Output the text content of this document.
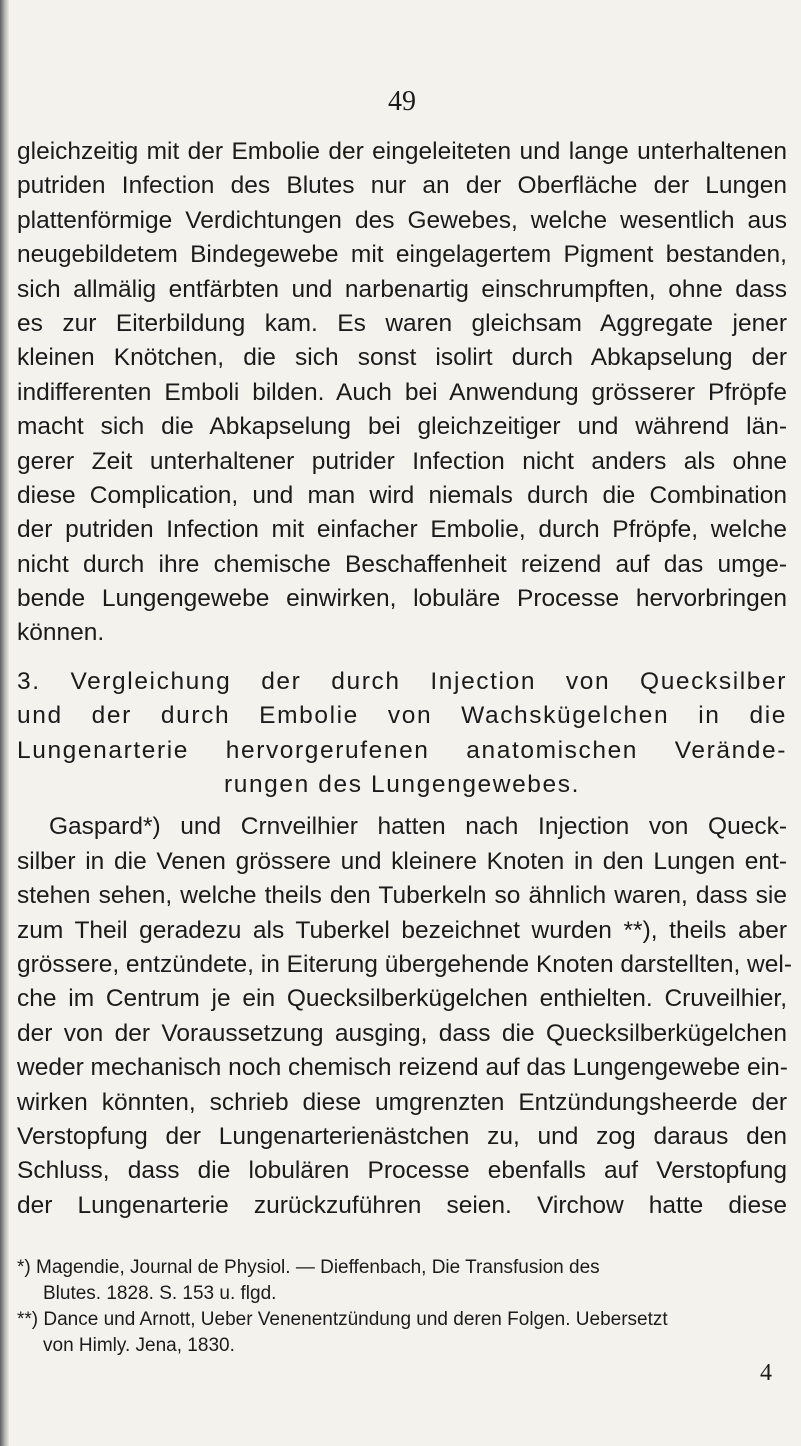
49
gleichzeitig mit der Embolie der eingeleiteten und lange unterhaltenen
putriden Infection des Blutes nur an der Oberfläche der Lungen
plattenförmige Verdichtungen des Gewebes, welche wesentlich aus
neugebildetem Bindegewebe mit eingelagertem Pigment bestanden,
sich allmälig entfärbten und narbenartig einschrumpften, ohne dass
es zur Eiterbildung kam. Es waren gleichsam Aggregate jener
kleinen Knötchen, die sich sonst isolirt durch Abkapselung der
indifferenten Emboli bilden. Auch bei Anwendung grösserer Pfröpfe
macht sich die Abkapselung bei gleichzeitiger und während län-
gerer Zeit unterhaltener putrider Infection nicht anders als ohne
diese Complication, und man wird niemals durch die Combination
der putriden Infection mit einfacher Embolie, durch Pfröpfe, welche
nicht durch ihre chemische Beschaffenheit reizend auf das umge-
bende Lungengewebe einwirken, lobuläre Processe hervorbringen
können.
3. Vergleichung der durch Injection von Quecksilber
und der durch Embolie von Wachskügelchen in die
Lungenarterie hervorgerufenen anatomischen Verände-
rungen des Lungengewebes.
Gaspard*) und Crnveilhier hatten nach Injection von Queck-
silber in die Venen grössere und kleinere Knoten in den Lungen ent-
stehen sehen, welche theils den Tuberkeln so ähnlich waren, dass sie
zum Theil geradezu als Tuberkel bezeichnet wurden **), theils aber
grössere, entzündete, in Eiterung übergehende Knoten darstellten, wel-
che im Centrum je ein Quecksilberkügelchen enthielten. Cruveilhier,
der von der Voraussetzung ausging, dass die Quecksilberkügelchen
weder mechanisch noch chemisch reizend auf das Lungengewebe ein-
wirken könnten, schrieb diese umgrenzten Entzündungsheerde der
Verstopfung der Lungenarterienästchen zu, und zog daraus den
Schluss, dass die lobulären Processe ebenfalls auf Verstopfung
der Lungenarterie zurückzuführen seien. Virchow hatte diese
*) Magendie, Journal de Physiol. — Dieffenbach, Die Transfusion des
Blutes. 1828. S. 153 u. flgd.
**) Dance und Arnott, Ueber Venenentzündung und deren Folgen. Uebersetzt
von Himly. Jena, 1830.
4
